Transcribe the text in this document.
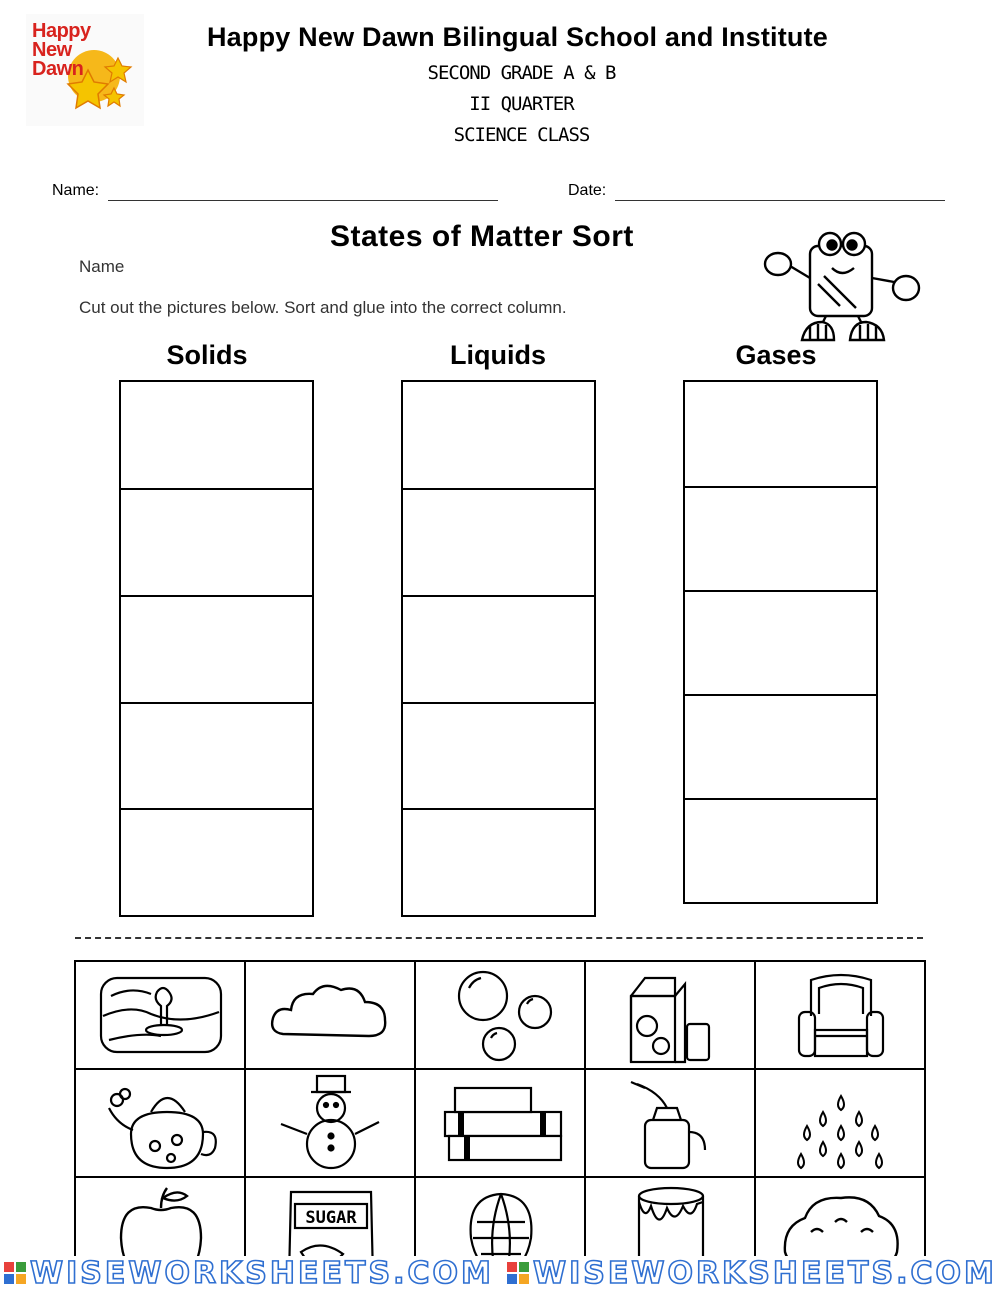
Happy New Dawn
Happy New Dawn Bilingual School and Institute
SECOND GRADE A & B
II QUARTER
SCIENCE CLASS
Name:	Date:
States of Matter Sort
Name
Cut out the pictures below. Sort and glue into the correct column.
Solids	Liquids	Gases
SUGAR
WISEWORKSHEETS.COM WISEWORKSHEETS.COM
